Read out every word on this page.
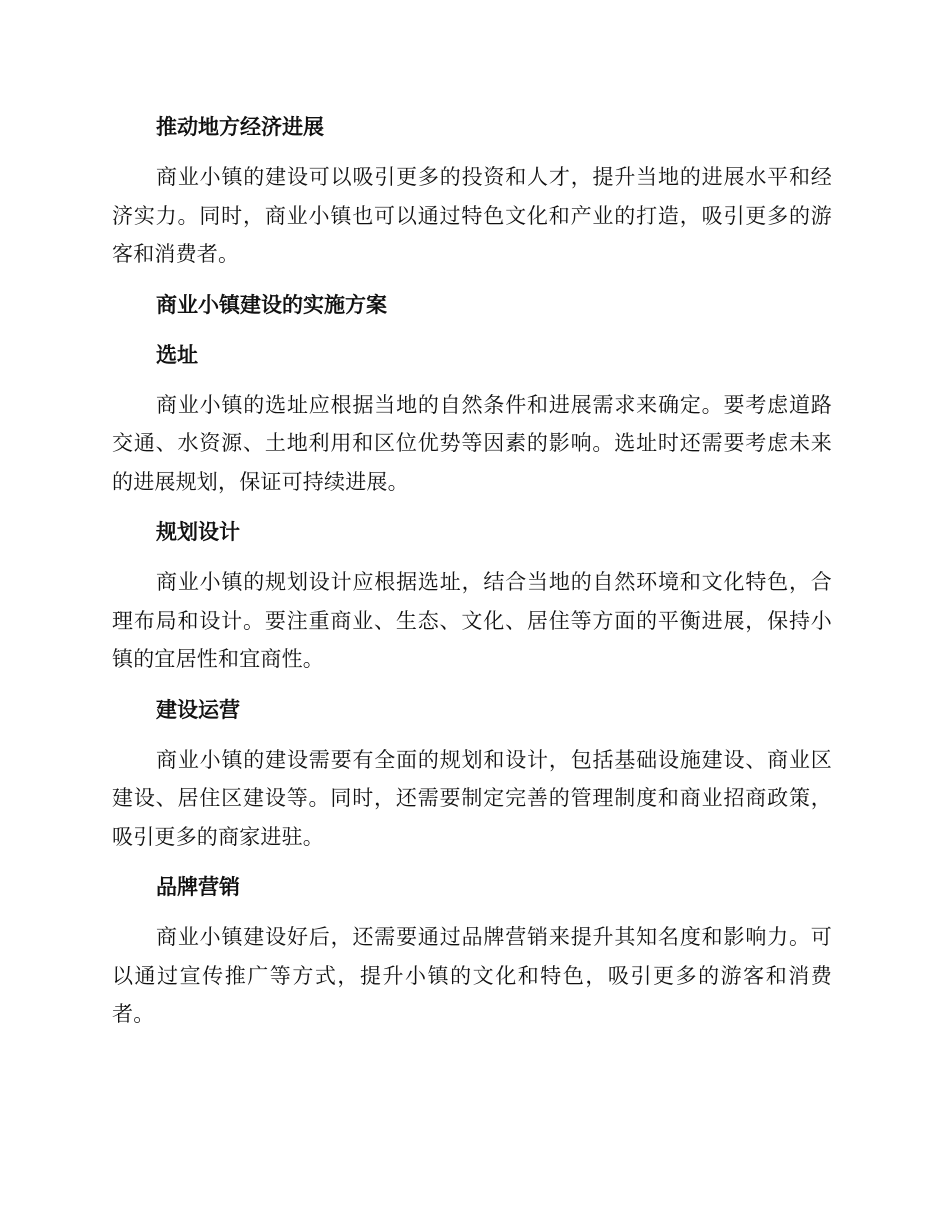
推动地方经济进展

商业小镇的建设可以吸引更多的投资和人才，提升当地的进展水平和经济实力。同时，商业小镇也可以通过特色文化和产业的打造，吸引更多的游客和消费者。

商业小镇建设的实施方案
选址

商业小镇的选址应根据当地的自然条件和进展需求来确定。要考虑道路交通、水资源、土地利用和区位优势等因素的影响。选址时还需要考虑未来的进展规划，保证可持续进展。

规划设计

商业小镇的规划设计应根据选址，结合当地的自然环境和文化特色，合理布局和设计。要注重商业、生态、文化、居住等方面的平衡进展，保持小镇的宜居性和宜商性。

建设运营

商业小镇的建设需要有全面的规划和设计，包括基础设施建设、商业区建设、居住区建设等。同时，还需要制定完善的管理制度和商业招商政策，吸引更多的商家进驻。

品牌营销

商业小镇建设好后，还需要通过品牌营销来提升其知名度和影响力。可以通过宣传推广等方式，提升小镇的文化和特色，吸引更多的游客和消费者。
